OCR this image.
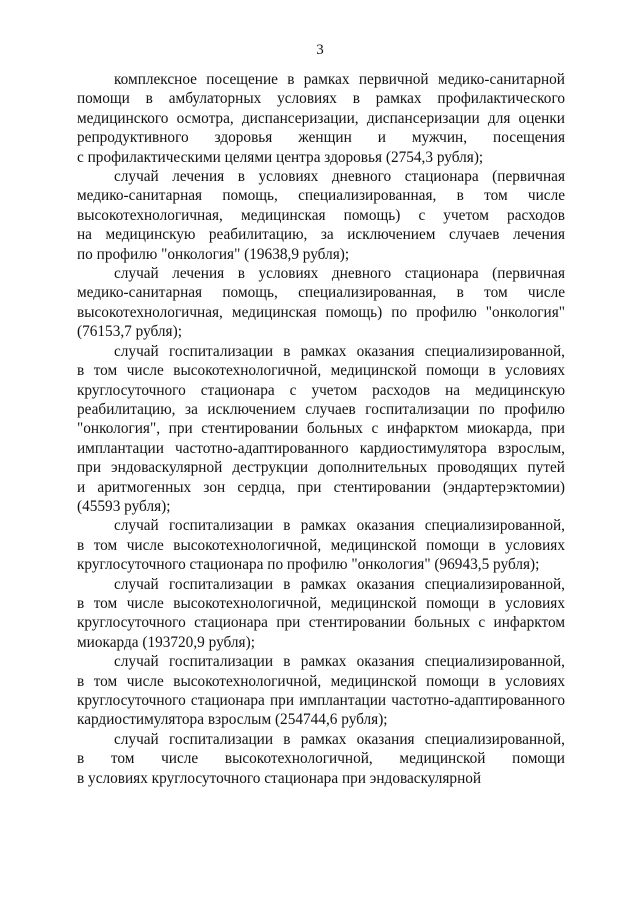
3
комплексное посещение в рамках первичной медико-санитарной
помощи в амбулаторных условиях в рамках профилактического
медицинского осмотра, диспансеризации, диспансеризации для оценки
репродуктивного здоровья женщин и мужчин, посещения
с профилактическими целями центра здоровья (2754,3 рубля);
случай лечения в условиях дневного стационара (первичная
медико-санитарная помощь, специализированная, в том числе
высокотехнологичная, медицинская помощь) с учетом расходов
на медицинскую реабилитацию, за исключением случаев лечения
по профилю "онкология" (19638,9 рубля);
случай лечения в условиях дневного стационара (первичная
медико-санитарная помощь, специализированная, в том числе
высокотехнологичная, медицинская помощь) по профилю "онкология"
(76153,7 рубля);
случай госпитализации в рамках оказания специализированной,
в том числе высокотехнологичной, медицинской помощи в условиях
круглосуточного стационара с учетом расходов на медицинскую
реабилитацию, за исключением случаев госпитализации по профилю
"онкология", при стентировании больных с инфарктом миокарда, при
имплантации частотно-адаптированного кардиостимулятора взрослым,
при эндоваскулярной деструкции дополнительных проводящих путей
и аритмогенных зон сердца, при стентировании (эндартерэктомии)
(45593 рубля);
случай госпитализации в рамках оказания специализированной,
в том числе высокотехнологичной, медицинской помощи в условиях
круглосуточного стационара по профилю "онкология" (96943,5 рубля);
случай госпитализации в рамках оказания специализированной,
в том числе высокотехнологичной, медицинской помощи в условиях
круглосуточного стационара при стентировании больных с инфарктом
миокарда (193720,9 рубля);
случай госпитализации в рамках оказания специализированной,
в том числе высокотехнологичной, медицинской помощи в условиях
круглосуточного стационара при имплантации частотно-адаптированного
кардиостимулятора взрослым (254744,6 рубля);
случай госпитализации в рамках оказания специализированной,
в том числе высокотехнологичной, медицинской помощи
в условиях круглосуточного стационара при эндоваскулярной
